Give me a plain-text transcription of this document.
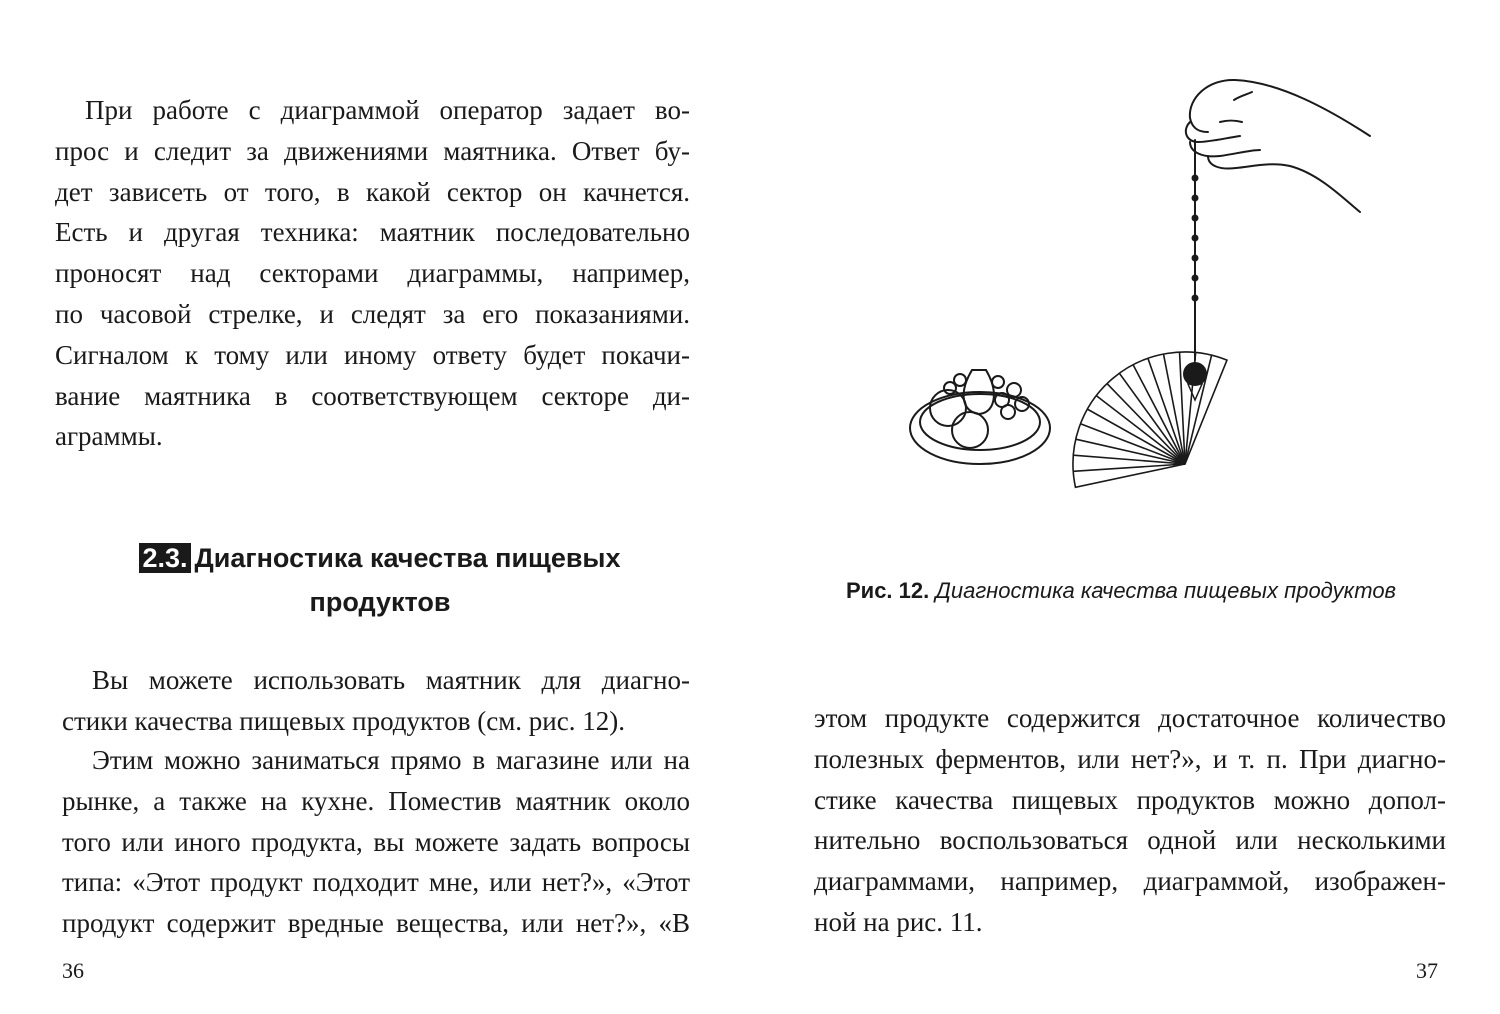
При работе с диаграммой оператор задает во-
прос и следит за движениями маятника. Ответ бу-
дет зависеть от того, в какой сектор он качнется.
Есть и другая техника: маятник последовательно
проносят над секторами диаграммы, например,
по часовой стрелке, и следят за его показаниями.
Сигналом к тому или иному ответу будет покачи-
вание маятника в соответствующем секторе ди-
аграммы.
2.3. Диагностика качества пищевых
продуктов
Вы можете использовать маятник для диагно-
стики качества пищевых продуктов (см. рис. 12).
Этим можно заниматься прямо в магазине или на
рынке, а также на кухне. Поместив маятник около
того или иного продукта, вы можете задать вопросы
типа: «Этот продукт подходит мне, или нет?», «Этот
продукт содержит вредные вещества, или нет?», «В
36
Рис. 12. Диагностика качества пищевых продуктов
этом продукте содержится достаточное количество
полезных ферментов, или нет?», и т. п. При диагно-
стике качества пищевых продуктов можно допол-
нительно воспользоваться одной или несколькими
диаграммами, например, диаграммой, изображен-
ной на рис. 11.
37
